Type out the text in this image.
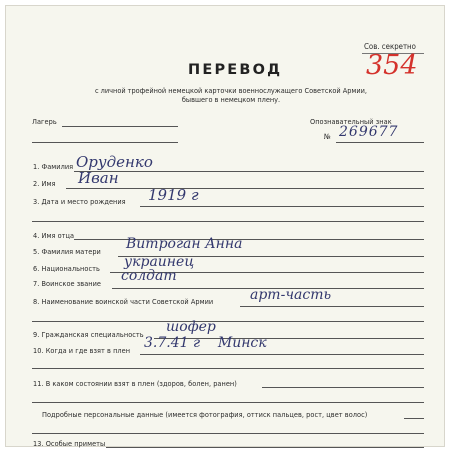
Сов. секретно
354
ПЕРЕВОД
с личной трофейной немецкой карточки военнослужащего Советской Армии,
бывшего в немецком плену.
Лагерь	Опознавательный знак
№ 269677
1. Фамилия Оруденко
2. Имя Иван
3. Дата и место рождения 1919 г
4. Имя отца
5. Фамилия матери Витроган Анна
6. Национальность украинец
7. Воинское звание солдат
8. Наименование воинской части Советской Армии	арт-часть
9. Гражданская специальность шофер
10. Когда и где взят в плен 3.7.41 г    Минск
11. В каком состоянии взят в плен (здоров, болен, ранен)
Подробные персональные данные (имеется фотография, оттиск пальцев, рост, цвет волос)
13. Особые приметы
